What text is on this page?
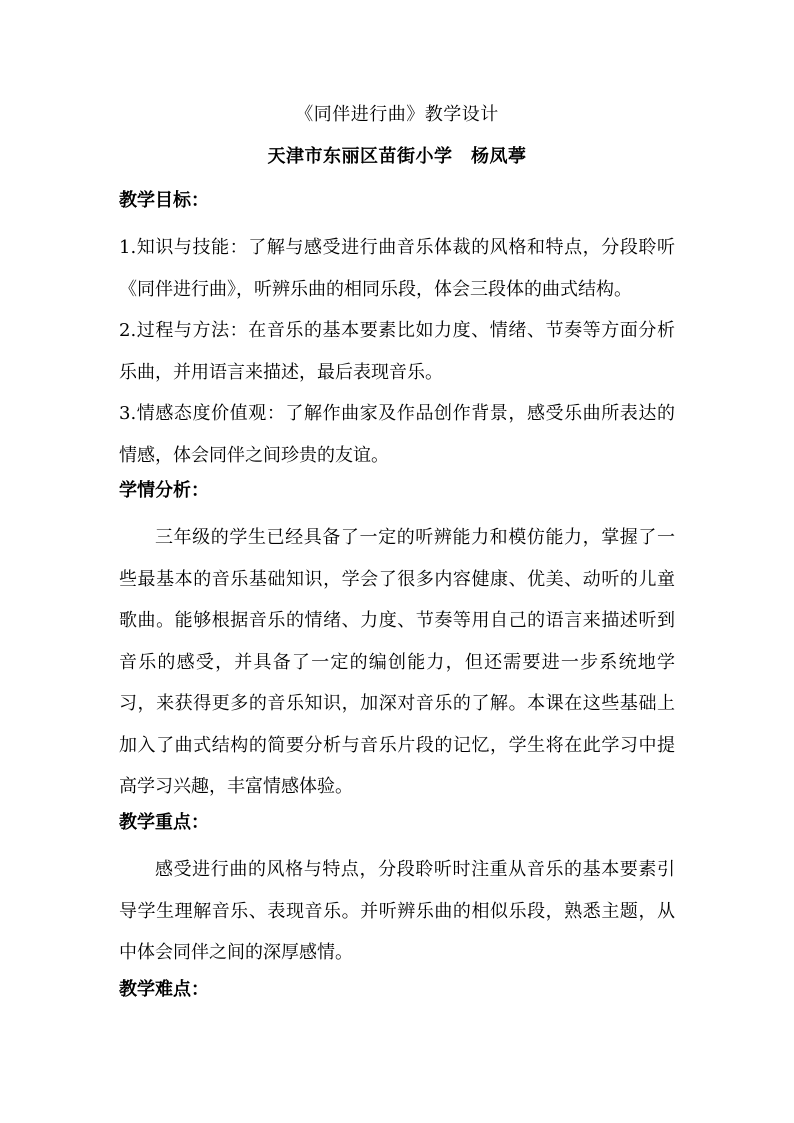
《同伴进行曲》教学设计
天津市东丽区苗街小学　杨凤葶
教学目标：
1.知识与技能：了解与感受进行曲音乐体裁的风格和特点，分段聆听《同伴进行曲》，听辨乐曲的相同乐段，体会三段体的曲式结构。
2.过程与方法：在音乐的基本要素比如力度、情绪、节奏等方面分析乐曲，并用语言来描述，最后表现音乐。
3.情感态度价值观：了解作曲家及作品创作背景，感受乐曲所表达的情感，体会同伴之间珍贵的友谊。
学情分析：
三年级的学生已经具备了一定的听辨能力和模仿能力，掌握了一些最基本的音乐基础知识，学会了很多内容健康、优美、动听的儿童歌曲。能够根据音乐的情绪、力度、节奏等用自己的语言来描述听到音乐的感受，并具备了一定的编创能力，但还需要进一步系统地学习，来获得更多的音乐知识，加深对音乐的了解。本课在这些基础上加入了曲式结构的简要分析与音乐片段的记忆，学生将在此学习中提高学习兴趣，丰富情感体验。
教学重点：
感受进行曲的风格与特点，分段聆听时注重从音乐的基本要素引导学生理解音乐、表现音乐。并听辨乐曲的相似乐段，熟悉主题，从中体会同伴之间的深厚感情。
教学难点：
